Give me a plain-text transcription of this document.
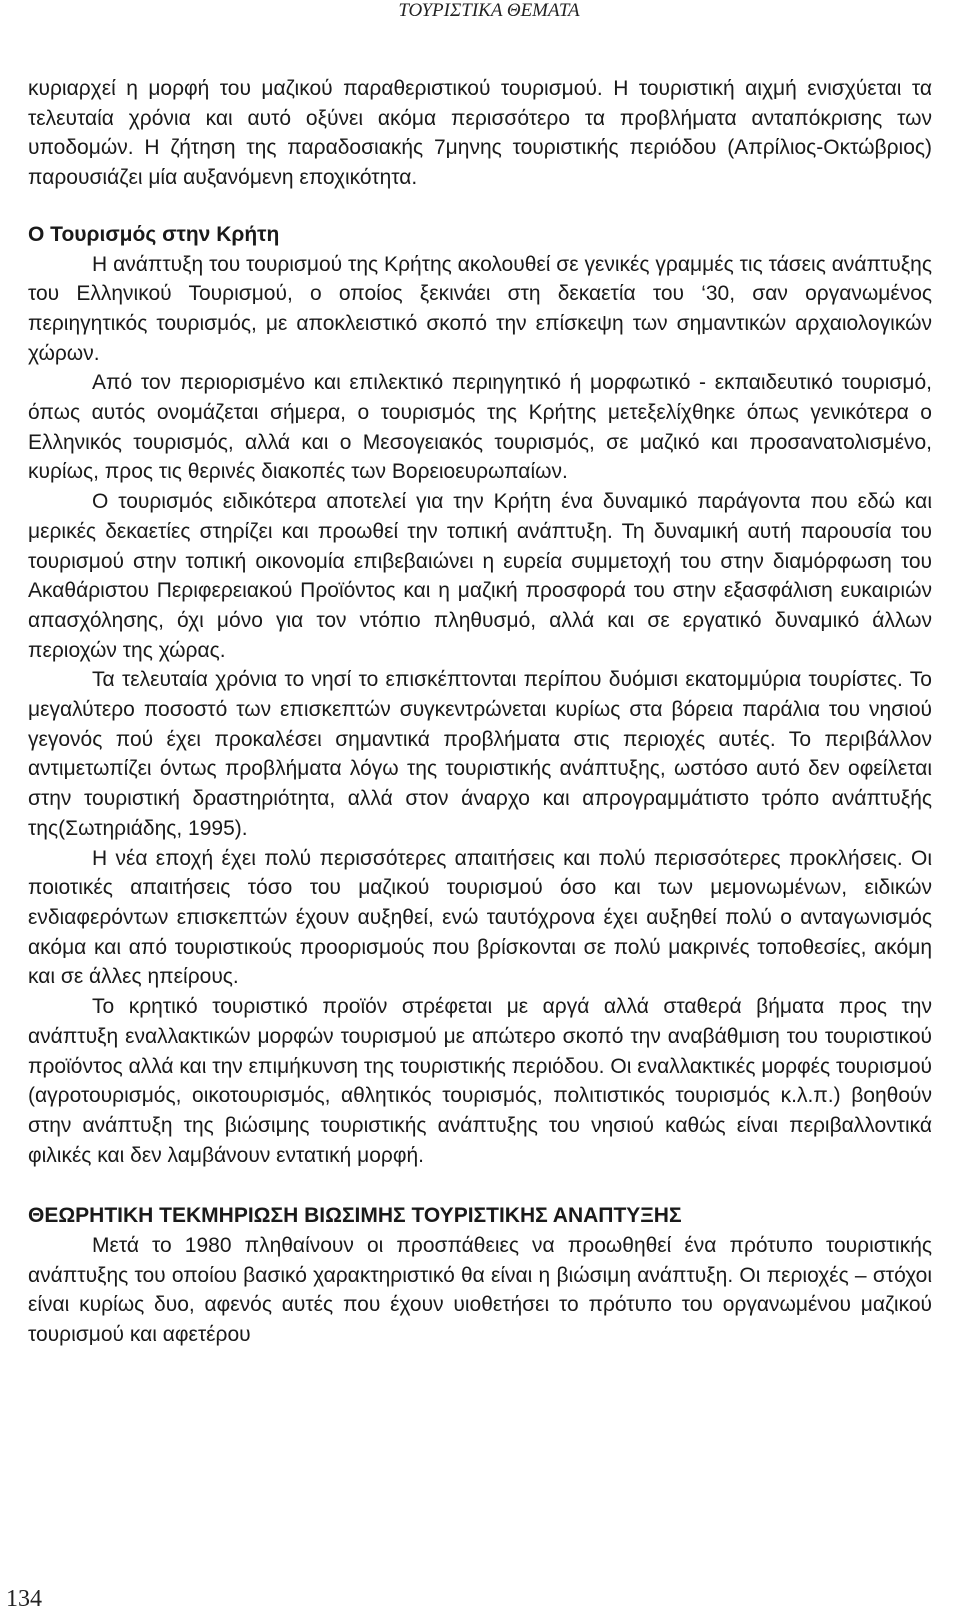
ΤΟΥΡΙΣΤΙΚΑ ΘΕΜΑΤΑ

κυριαρχεί η μορφή του μαζικού παραθεριστικού τουρισμού. Η τουριστική αιχμή ενισχύεται τα τελευταία χρόνια και αυτό οξύνει ακόμα περισσότερο τα προβλήματα ανταπόκρισης των υποδομών. Η ζήτηση της παραδοσιακής 7μηνης τουριστικής περιόδου (Απρίλιος-Οκτώβριος) παρουσιάζει μία αυξανόμενη εποχικότητα.

Ο Τουρισμός στην Κρήτη

Η ανάπτυξη του τουρισμού της Κρήτης ακολουθεί σε γενικές γραμμές τις τάσεις ανάπτυξης του Ελληνικού Τουρισμού, ο οποίος ξεκινάει στη δεκαετία του ‘30, σαν οργανωμένος περιηγητικός τουρισμός, με αποκλειστικό σκοπό την επίσκεψη των σημαντικών αρχαιολογικών χώρων.

Από τον περιορισμένο και επιλεκτικό περιηγητικό ή μορφωτικό - εκπαιδευτικό τουρισμό, όπως αυτός ονομάζεται σήμερα, ο τουρισμός της Κρήτης μετεξελίχθηκε όπως γενικότερα ο Ελληνικός τουρισμός, αλλά και ο Μεσογειακός τουρισμός, σε μαζικό και προσανατολισμένο, κυρίως, προς τις θερινές διακοπές των Βορειοευρωπαίων.

Ο τουρισμός ειδικότερα αποτελεί για την Κρήτη ένα δυναμικό παράγοντα που εδώ και μερικές δεκαετίες στηρίζει και προωθεί την τοπική ανάπτυξη. Τη δυναμική αυτή παρουσία του τουρισμού στην τοπική οικονομία επιβεβαιώνει η ευρεία συμμετοχή του στην διαμόρφωση του Ακαθάριστου Περιφερειακού Προϊόντος και η μαζική προσφορά του στην εξασφάλιση ευκαιριών απασχόλησης, όχι μόνο για τον ντόπιο πληθυσμό, αλλά και σε εργατικό δυναμικό άλλων περιοχών της χώρας.

Τα τελευταία χρόνια το νησί το επισκέπτονται περίπου δυόμισι εκατομμύρια τουρίστες. Το μεγαλύτερο ποσοστό των επισκεπτών συγκεντρώνεται κυρίως στα βόρεια παράλια του νησιού γεγονός πού έχει προκαλέσει σημαντικά προβλήματα στις περιοχές αυτές. Το περιβάλλον αντιμετωπίζει όντως προβλήματα λόγω της τουριστικής ανάπτυξης, ωστόσο αυτό δεν οφείλεται στην τουριστική δραστηριότητα, αλλά στον άναρχο και απρογραμμάτιστο τρόπο ανάπτυξής της(Σωτηριάδης, 1995).

Η νέα εποχή έχει πολύ περισσότερες απαιτήσεις και πολύ περισσότερες προκλήσεις. Οι ποιοτικές απαιτήσεις τόσο του μαζικού τουρισμού όσο και των μεμονωμένων, ειδικών ενδιαφερόντων επισκεπτών έχουν αυξηθεί, ενώ ταυτόχρονα έχει αυξηθεί πολύ ο ανταγωνισμός ακόμα και από τουριστικούς προορισμούς που βρίσκονται σε πολύ μακρινές τοποθεσίες, ακόμη και σε άλλες ηπείρους.

Το κρητικό τουριστικό προϊόν στρέφεται με αργά αλλά σταθερά βήματα προς την ανάπτυξη εναλλακτικών μορφών τουρισμού με απώτερο σκοπό την αναβάθμιση του τουριστικού προϊόντος αλλά και την επιμήκυνση της τουριστικής περιόδου. Οι εναλλακτικές μορφές τουρισμού (αγροτουρισμός, οικοτουρισμός, αθλητικός τουρισμός, πολιτιστικός τουρισμός κ.λ.π.) βοηθούν στην ανάπτυξη της βιώσιμης τουριστικής ανάπτυξης του νησιού καθώς είναι περιβαλλοντικά φιλικές και δεν λαμβάνουν εντατική μορφή.

ΘΕΩΡΗΤΙΚΗ ΤΕΚΜΗΡΙΩΣΗ ΒΙΩΣΙΜΗΣ ΤΟΥΡΙΣΤΙΚΗΣ ΑΝΑΠΤΥΞΗΣ

Μετά το 1980 πληθαίνουν οι προσπάθειες να προωθηθεί ένα πρότυπο τουριστικής ανάπτυξης του οποίου βασικό χαρακτηριστικό θα είναι η βιώσιμη ανάπτυξη. Οι περιοχές – στόχοι είναι κυρίως δυο, αφενός αυτές που έχουν υιοθετήσει το πρότυπο του οργανωμένου μαζικού τουρισμού και αφετέρου

134
